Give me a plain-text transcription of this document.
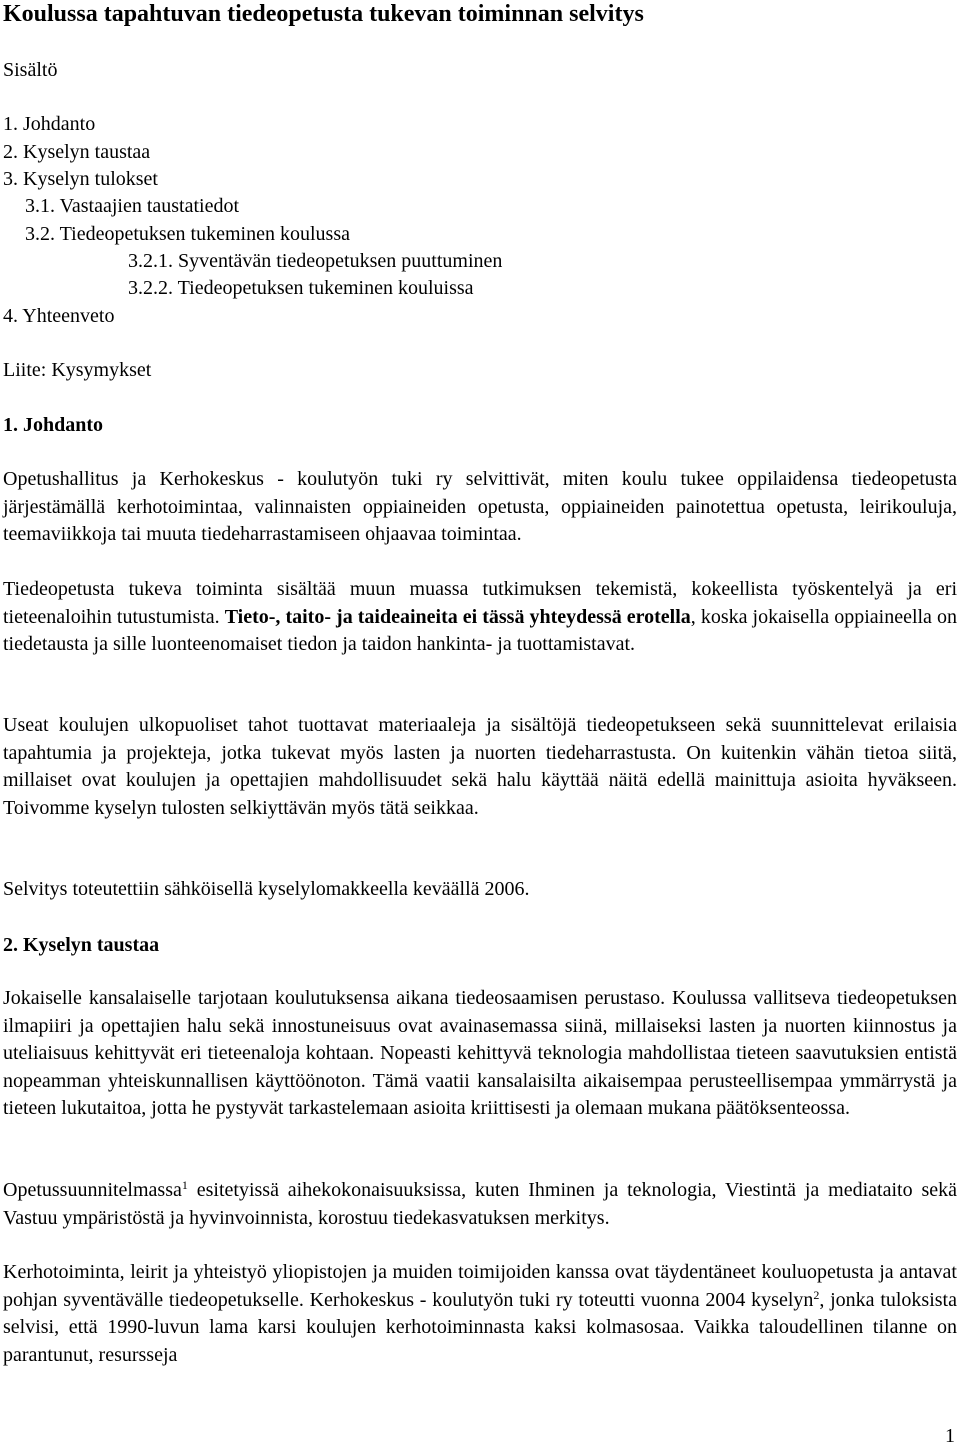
Koulussa tapahtuvan tiedeopetusta tukevan toiminnan selvitys
Sisältö
1. Johdanto
2. Kyselyn taustaa
3. Kyselyn tulokset
3.1. Vastaajien taustatiedot
3.2. Tiedeopetuksen tukeminen koulussa
3.2.1. Syventävän tiedeopetuksen puuttuminen
3.2.2. Tiedeopetuksen tukeminen kouluissa
4. Yhteenveto
Liite: Kysymykset
1. Johdanto

Opetushallitus ja Kerhokeskus - koulutyön tuki ry selvittivät, miten koulu tukee oppilaidensa tiedeopetusta järjestämällä kerhotoimintaa, valinnaisten oppiaineiden opetusta, oppiaineiden painotettua opetusta, leirikouluja, teemaviikkoja tai muuta tiedeharrastamiseen ohjaavaa toimintaa.

Tiedeopetusta tukeva toiminta sisältää muun muassa tutkimuksen tekemistä, kokeellista työskentelyä ja eri tieteenaloihin tutustumista. Tieto-, taito- ja taideaineita ei tässä yhteydessä erotella, koska jokaisella oppiaineella on tiedetausta ja sille luonteenomaiset tiedon ja taidon hankinta- ja tuottamistavat.

Useat koulujen ulkopuoliset tahot tuottavat materiaaleja ja sisältöjä tiedeopetukseen sekä suunnittelevat erilaisia tapahtumia ja projekteja, jotka tukevat myös lasten ja nuorten tiedeharrastusta. On kuitenkin vähän tietoa siitä, millaiset ovat koulujen ja opettajien mahdollisuudet sekä halu käyttää näitä edellä mainittuja asioita hyväkseen. Toivomme kyselyn tulosten selkiyttävän myös tätä seikkaa.

Selvitys toteutettiin sähköisellä kyselylomakkeella keväällä 2006.

2. Kyselyn taustaa

Jokaiselle kansalaiselle tarjotaan koulutuksensa aikana tiedeosaamisen perustaso. Koulussa vallitseva tiedeopetuksen ilmapiiri ja opettajien halu sekä innostuneisuus ovat avainasemassa siinä, millaiseksi lasten ja nuorten kiinnostus ja uteliaisuus kehittyvät eri tieteenaloja kohtaan. Nopeasti kehittyvä teknologia mahdollistaa tieteen saavutuksien entistä nopeamman yhteiskunnallisen käyttöönoton. Tämä vaatii kansalaisilta aikaisempaa perusteellisempaa ymmärrystä ja tieteen lukutaitoa, jotta he pystyvät tarkastelemaan asioita kriittisesti ja olemaan mukana päätöksenteossa.

Opetussuunnitelmassa$^1$ esitetyissä aihekokonaisuuksissa, kuten Ihminen ja teknologia, Viestintä ja mediataito sekä Vastuu ympäristöstä ja hyvinvoinnista, korostuu tiedekasvatuksen merkitys.

Kerhotoiminta, leirit ja yhteistyö yliopistojen ja muiden toimijoiden kanssa ovat täydentäneet kouluopetusta ja antavat pohjan syventävälle tiedeopetukselle. Kerhokeskus - koulutyön tuki ry toteutti vuonna 2004 kyselyn$^2$, jonka tuloksista selvisi, että 1990-luvun lama karsi koulujen kerhotoiminnasta kaksi kolmasosaa. Vaikka taloudellinen tilanne on parantunut, resursseja

1
